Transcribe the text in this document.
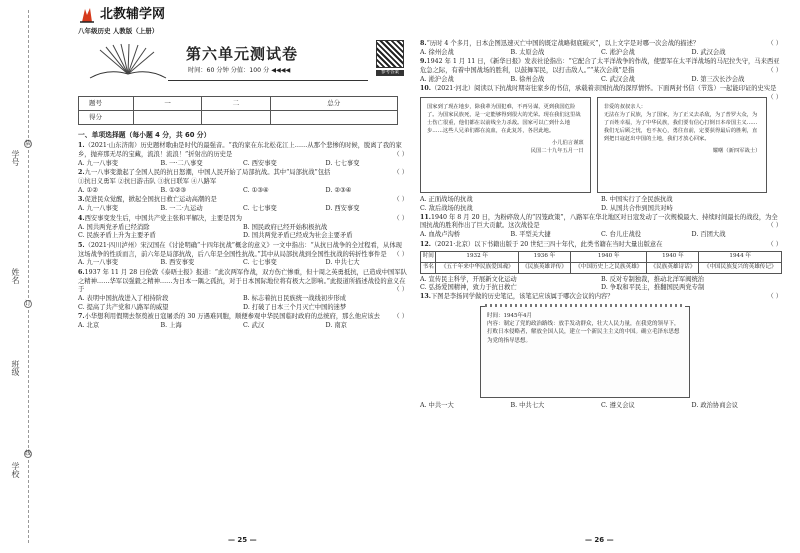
装
订
线
学号
姓名
班级
学校
北教辅学网
八年级历史 人教版（上册）
第六单元测试卷
时间：60 分钟 分值：100 分 ◀◀◀◀	参考答案
题号	一	二	总分
得分			
一、单项选择题（每小题 4 分，共 60 分）
1.（2021·山东济南）历史题材歌曲是时代的最强音。“我的家在东北松花江上……从那个悲惨的时候，脱离了我的家乡，抛弃那无尽的宝藏，流浪！流浪！”折射出的历史是	（ ）
A. 九一八事变	B. 一·二八事变	C. 西安事变	D. 七七事变
2.九一八事变激起了全国人民的抗日怒潮，中国人民开始了局部抗战。其中“局部抗战”包括	（ ）
①抗日义勇军 ②抗日游击队 ③抗日联军 ④八路军
A. ①②	B. ①②③	C. ①③④	D. ②③④
3.促进民众觉醒，掀起全国抗日救亡运动高潮的是	（ ）
A. 九一八事变	B. 一二·九运动	C. 七七事变	D. 西安事变
4.西安事变发生后，中国共产党主张和平解决，主要是因为	（ ）
A. 国共两党矛盾已经消除	B. 国民政府已经开始积极抗战
C. 民族矛盾上升为主要矛盾	D. 国共两党矛盾已经成为社会主要矛盾
5.（2021·四川泸州）宋汉国在《讨论明确“十四年抗战”概念的意义》一文中指出：“从抗日战争的全过程看，从体现这场战争的性质而言，前六年是局部抗战，后八年是全国性抗战。”其中从局部抗战到全国性抗战的转折性事件是 （ ）
A. 九一八事变	B. 西安事变	C. 七七事变	D. 中共七大
6.1937 年 11 月 28 日伦敦《泰晤士报》报道：“此次两军作战，双方伤亡惨重，但十周之英勇抵抗，已造成中国军队之精神……华军以强毅之精神……为日本一隅之孤抗，对于日本国际地位将有极大之影响。”此报道所描述战役的意义在于	（ ）
A. 表明中国抗战进入了相持阶段	B. 标志着抗日民族统一战线初步形成
C. 提高了共产党和八路军的威望	D. 打破了日本三个月灭亡中国的迷梦
7.小华想利用假期去祭奠被日寇屠杀的 30 万遇难同胞，顺便参观中华民国临时政府的总统府，那么他应该去 （ ）
A. 北京	B. 上海	C. 武汉	D. 南京
— 25 —
8.“历时 4 个多月，日本企图迅速灭亡中国的既定战略彻底破灭”，以上文字是对哪一次会战的描述？	（ ）
A. 徐州会战	B. 太原会战	C. 淞沪会战	D. 武汉会战
9.1942 年 1 月 11 日，《新华日报》发表社论指出：“它配合了太平洋战争的作战，使盟军在太平洋战场的马尼拉失守，马来西亚危急之际，有着中国战场的胜利，以鼓舞军民，以打击敌人。”“某次会战”是指	（ ）
A. 淞沪会战	B. 徐州会战	C. 武汉会战	D. 第三次长沙会战
10.（2021·河北）阅读以下抗战时期寄往家乡的书信，承载着亲国抗战的深厚情怀。下面两封书信（节选）一起能印证的史实是
（ ）
国家到了现在地步，除我辈为国犯难，不再另谋，更到我国危险了。为国家民族死，是一定能够得到很大的光荣。现在我们这里战士伤亡很重，他们都在以前线全力杀敌。国家可以亡到什么地步……这些人兄弟们都在流血，在此复苏，各居此地。
小儿伯言谨禀
民国二十九年五月一日
非爱的叔叔亲人：
无法在为了民族，为了国家，为了正义去杀敌，为了普罗大众，为了百姓幸福，为了中华民族，我们要有信心打倒日本帝国主义……我们无后顾之忧，也不灰心，勇往直前，定要获得最后的胜利，直到把日寇赶出中国的土地，我们才放心回家。
耀曙（新四军战士）
A. 正面战场的抗战	B. 中国实行了全民族抗战
C. 敌后战场的抗战	D. 从国共合作到国共对峙
11.1940 年 8 月 20 日，为粉碎敌人的“囚笼政策”，八路军在华北地区对日寇发动了一次规模最大、持续时间最长的战役，为全国抗战的胜利作出了巨大贡献。这次战役是	（ ）
A. 血战卢沟桥	B. 平型关大捷	C. 台儿庄战役	D. 百团大战
12.（2021·北京）以下书籍出版于 20 世纪三四十年代，此类书籍在当时大量出版意在	（ ）
时间	1932 年	1936 年	1940 年	1940 年	1944 年
书名	《五千年来中华民族爱国魂》	《民族英雄评传》	《中国历史上之民族英雄》	《民族英雄诗话》	《中国民族复兴的英雄传记》
A. 宣传民主科学，开展新文化运动	B. 反对专制独裁，推动北洋军阀统治
C. 弘扬爱国精神，致力于抗日救亡	D. 争取和平民主，推翻国民两党专制
13.下图是李扬同学做的历史笔记，该笔记应该属于哪次会议的内容？	（ ）
时间：1945年4月
内容：制定了党的政治路线：放手发动群众，壮大人民力量，在我党的领导下，打败日本侵略者，解放全国人民，建立一个新民主主义的中国。确立毛泽东思想为党的指导思想。
A. 中共一大	B. 中共七大	C. 遵义会议	D. 政治协商会议
— 26 —
